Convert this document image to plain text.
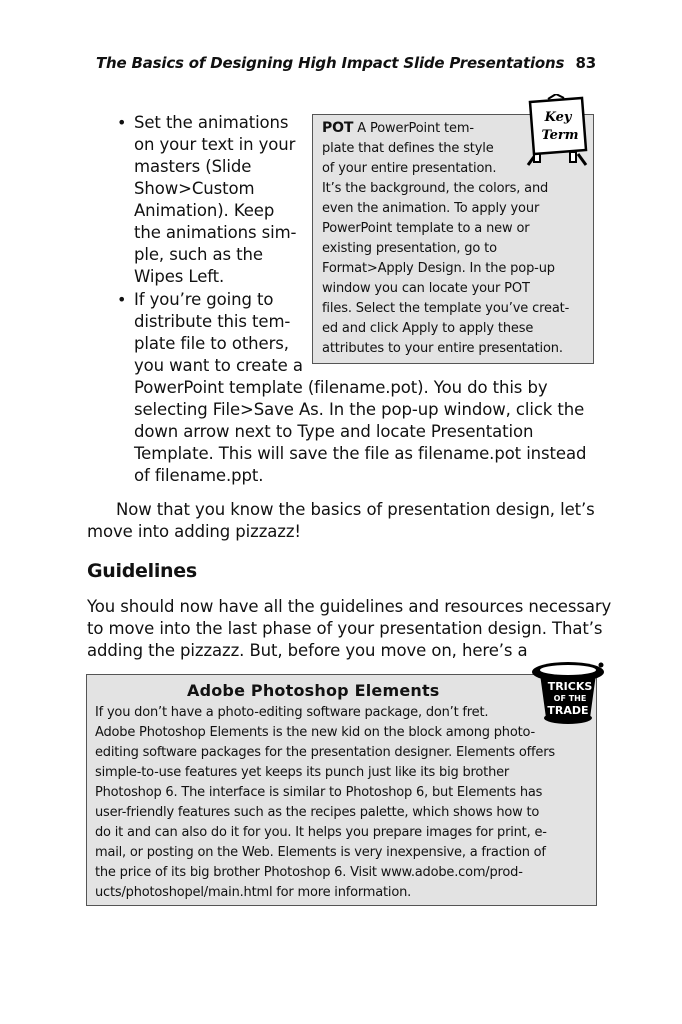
The Basics of Designing High Impact Slide Presentations 83
• Set the animations
on your text in your
masters (Slide
Show>Custom
Animation). Keep
the animations sim-
ple, such as the
Wipes Left.
• If you’re going to
distribute this tem-
plate file to others,
you want to create a
PowerPoint template (filename.pot). You do this by
selecting File>Save As. In the pop-up window, click the
down arrow next to Type and locate Presentation
Template. This will save the file as filename.pot instead
of filename.ppt.
POT A PowerPoint tem-
plate that defines the style
of your entire presentation.
It’s the background, the colors, and
even the animation. To apply your
PowerPoint template to a new or
existing presentation, go to
Format>Apply Design. In the pop-up
window you can locate your POT
files. Select the template you’ve creat-
ed and click Apply to apply these
attributes to your entire presentation.
Key
Term
Now that you know the basics of presentation design, let’s
move into adding pizzazz!
Guidelines
You should now have all the guidelines and resources necessary
to move into the last phase of your presentation design. That’s
adding the pizzazz. But, before you move on, here’s a
Adobe Photoshop Elements
If you don’t have a photo-editing software package, don’t fret.
Adobe Photoshop Elements is the new kid on the block among photo-
editing software packages for the presentation designer. Elements offers
simple-to-use features yet keeps its punch just like its big brother
Photoshop 6. The interface is similar to Photoshop 6, but Elements has
user-friendly features such as the recipes palette, which shows how to
do it and can also do it for you. It helps you prepare images for print, e-
mail, or posting on the Web. Elements is very inexpensive, a fraction of
the price of its big brother Photoshop 6. Visit www.adobe.com/prod-
ucts/photoshopel/main.html for more information.
TRICKS
OF THE
TRADE
